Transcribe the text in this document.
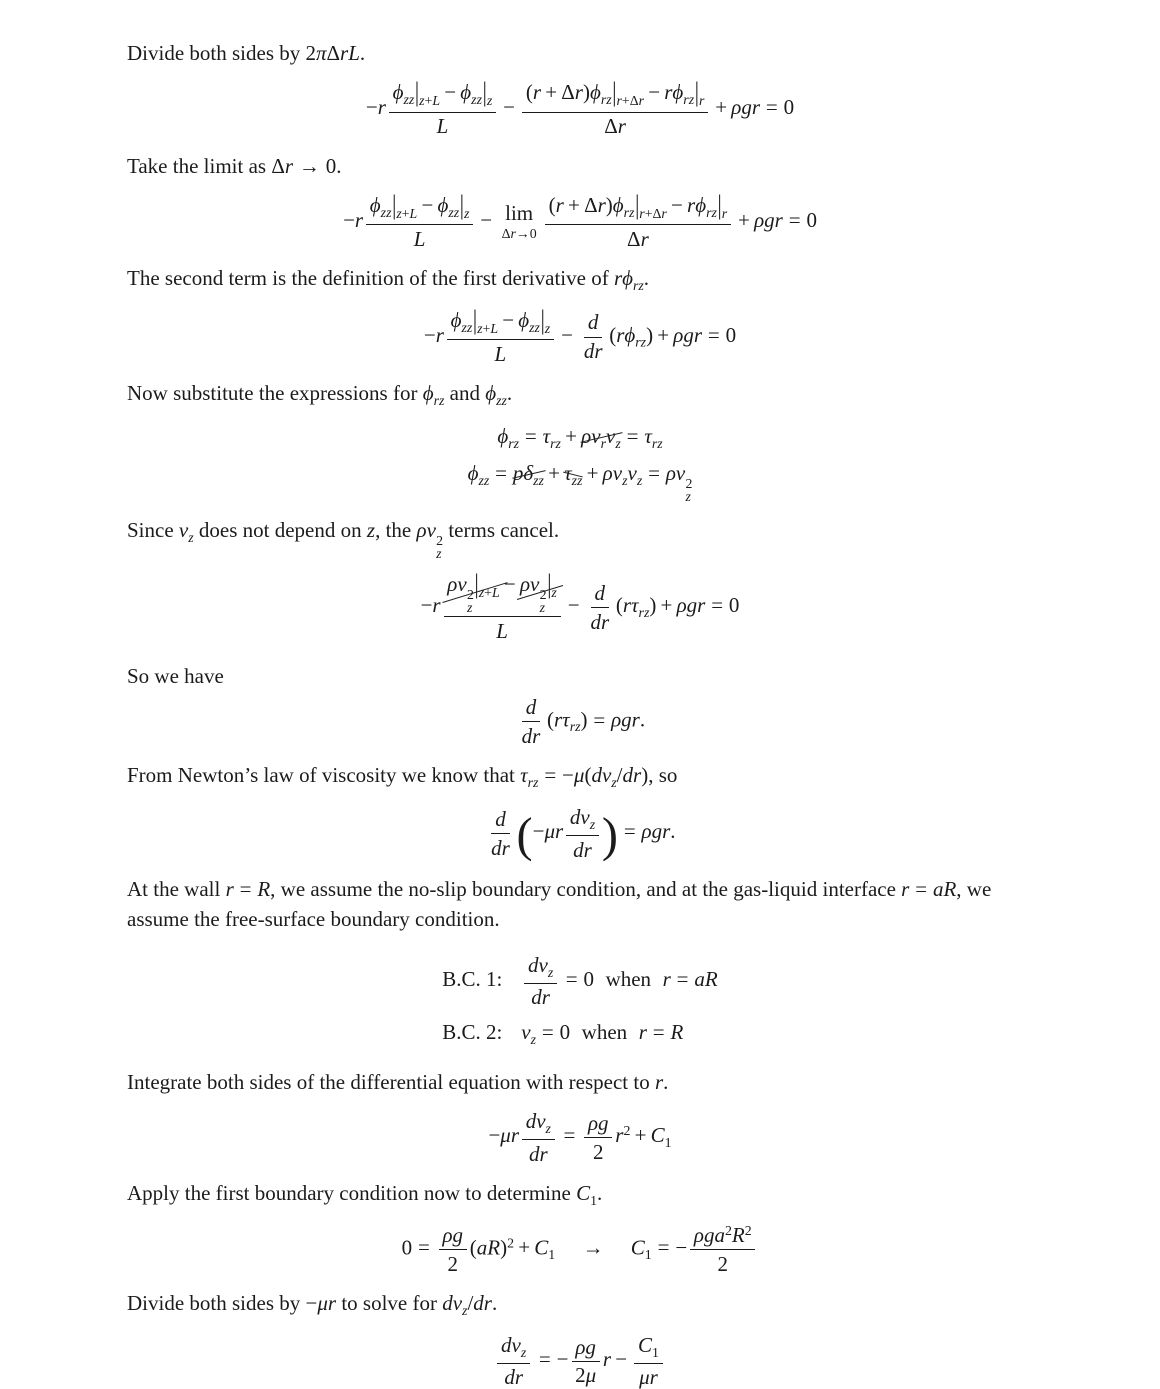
Divide both sides by 2πΔrL.

$-r \frac{\phi_{zz}|_{z+L} - \phi_{zz}|_z}{L} - \frac{(r + \Delta r)\phi_{rz}|_{r+\Delta r} - r\phi_{rz}|_r}{\Delta r} + \rho gr = 0$

Take the limit as Δr → 0.

$-r \frac{\phi_{zz}|_{z+L} - \phi_{zz}|_z}{L} - \lim$
$\Delta r\to 0 \frac{(r + \Delta r)\phi_{rz}|_{r+\Delta r} - r\phi_{rz}|_r}{\Delta r} + \rho gr = 0$

The second term is the definition of the first derivative of $r\phi_{rz}$.

$-r \frac{\phi_{zz}|_{z+L} - \phi_{zz}|_z}{L} - \frac{d}{dr} (r\phi_{rz}) + \rho gr = 0$

Now substitute the expressions for $\phi_{rz}$ and $\phi_{zz}$.

$\phi_{rz} = \tau_{rz} + \rho v_rv_z = \tau_{rz}$
$\phi_{zz} = p\delta_{zz} + \tau_{zz} + \rho v_zv_z = \rho v$ 2
z

Since $v_z$ does not depend on z, the ρv 2
z
terms cancel.

−r ρv 2
z
$|_{z+L} - \rho v$ 2
z
$|_z$
$L - \frac{d}{dr} (r\tau_{rz}) + \rho gr = 0$

So we have

$\frac{d}{dr} (r\tau_{rz}) = \rho gr$.

From Newton’s law of viscosity we know that $\tau_{rz} = -\mu(dv_z/dr)$, so

$\frac{d}{dr} (-\mu r \frac{dv_z}{dr}$ ) = ρgr.

At the wall r = R, we assume the no-slip boundary condition, and at the gas-liquid interface r = aR, we assume the free-surface boundary condition.

B.C. 1: $\frac{dv_z}{dr} = 0$ when r = aR
B.C. 2: $v_z = 0$ when r = R

Integrate both sides of the differential equation with respect to r.

$-\mu r \frac{dv_z}{dr} = \frac{\rho g}{2} r^2 + C_1$

Apply the first boundary condition now to determine $C_1$.

$0 = \frac{\rho g}{2} (aR)^2 + C_1 \to C_1$ = − $\frac{\rho ga^2R^2}{2}$

Divide both sides by −μr to solve for $dv_z/dr$.

$\frac{dv_z}{dr}$ = − $\frac{\rho g}{2\mu}$ $r - \frac{C_1}{\mu r}$
